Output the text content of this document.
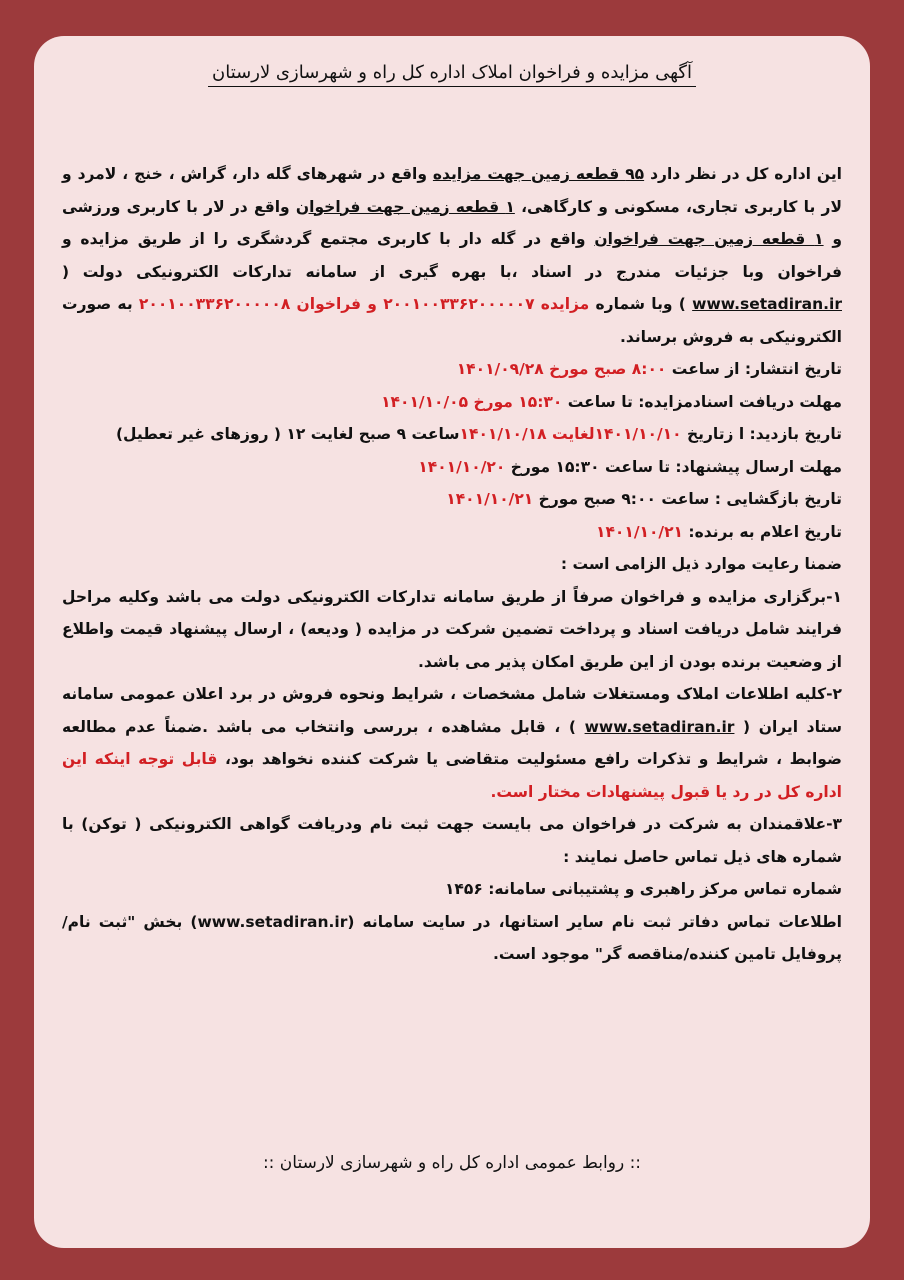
آگهی مزایده و فراخوان املاک اداره کل راه و شهرسازی لارستان

این اداره کل در نظر دارد ۹۵ قطعه زمین جهت مزایده واقع در شهرهای گله دار، گراش ، خنج ، لامرد و لار با کاربری تجاری، مسکونی و کارگاهی، ۱ قطعه زمین جهت فراخوان واقع در لار با کاربری ورزشی و ۱ قطعه زمین جهت فراخوان واقع در گله دار با کاربری مجتمع گردشگری را از طریق مزایده و فراخوان وبا جزئیات مندرج در اسناد ،با بهره گیری از سامانه تدارکات الکترونیکی دولت ( www.setadiran.ir ) وبا شماره مزایده ۲۰۰۱۰۰۳۳۶۲۰۰۰۰۰۷ و فراخوان ۲۰۰۱۰۰۳۳۶۲۰۰۰۰۰۸ به صورت الکترونیکی به فروش برساند.

تاریخ انتشار: از ساعت ۸:۰۰ صبح مورخ ۱۴۰۱/۰۹/۲۸

مهلت دریافت اسنادمزایده: تا ساعت ۱۵:۳۰ مورخ ۱۴۰۱/۱۰/۰۵

تاریخ بازدید: ا زتاریخ ۱۴۰۱/۱۰/۱۰لغایت ۱۴۰۱/۱۰/۱۸ساعت ۹ صبح لغایت ۱۲ ( روزهای غیر تعطیل)

مهلت ارسال پیشنهاد: تا ساعت ۱۵:۳۰ مورخ ۱۴۰۱/۱۰/۲۰

تاریخ بازگشایی : ساعت ۹:۰۰ صبح مورخ ۱۴۰۱/۱۰/۲۱

تاریخ اعلام به برنده: ۱۴۰۱/۱۰/۲۱

ضمنا رعایت موارد ذیل الزامی است :

۱-برگزاری مزایده و فراخوان صرفاً از طریق سامانه تدارکات الکترونیکی دولت می باشد وکلیه مراحل فرایند شامل دریافت اسناد و پرداخت تضمین شرکت در مزایده ( ودیعه) ، ارسال پیشنهاد قیمت واطلاع از وضعیت برنده بودن از این طریق امکان پذیر می باشد.

۲-کلیه اطلاعات املاک ومستغلات شامل مشخصات ، شرایط ونحوه فروش در برد اعلان عمومی سامانه ستاد ایران ( www.setadiran.ir ) ، قابل مشاهده ، بررسی وانتخاب می باشد .ضمناً عدم مطالعه ضوابط ، شرایط و تذکرات رافع مسئولیت متقاضی یا شرکت کننده نخواهد بود، قابل توجه اینکه این اداره کل در رد یا قبول پیشنهادات مختار است.

۳-علاقمندان به شرکت در فراخوان می بایست جهت ثبت نام ودریافت گواهی الکترونیکی ( توکن) با شماره های ذیل تماس حاصل نمایند :

شماره تماس مرکز راهبری و پشتیبانی سامانه: ۱۴۵۶

اطلاعات تماس دفاتر ثبت نام سایر استانها، در سایت سامانه (www.setadiran.ir) بخش "ثبت نام/پروفایل تامین کننده/مناقصه گر" موجود است.

:: روابط عمومی اداره کل راه و شهرسازی لارستان ::
